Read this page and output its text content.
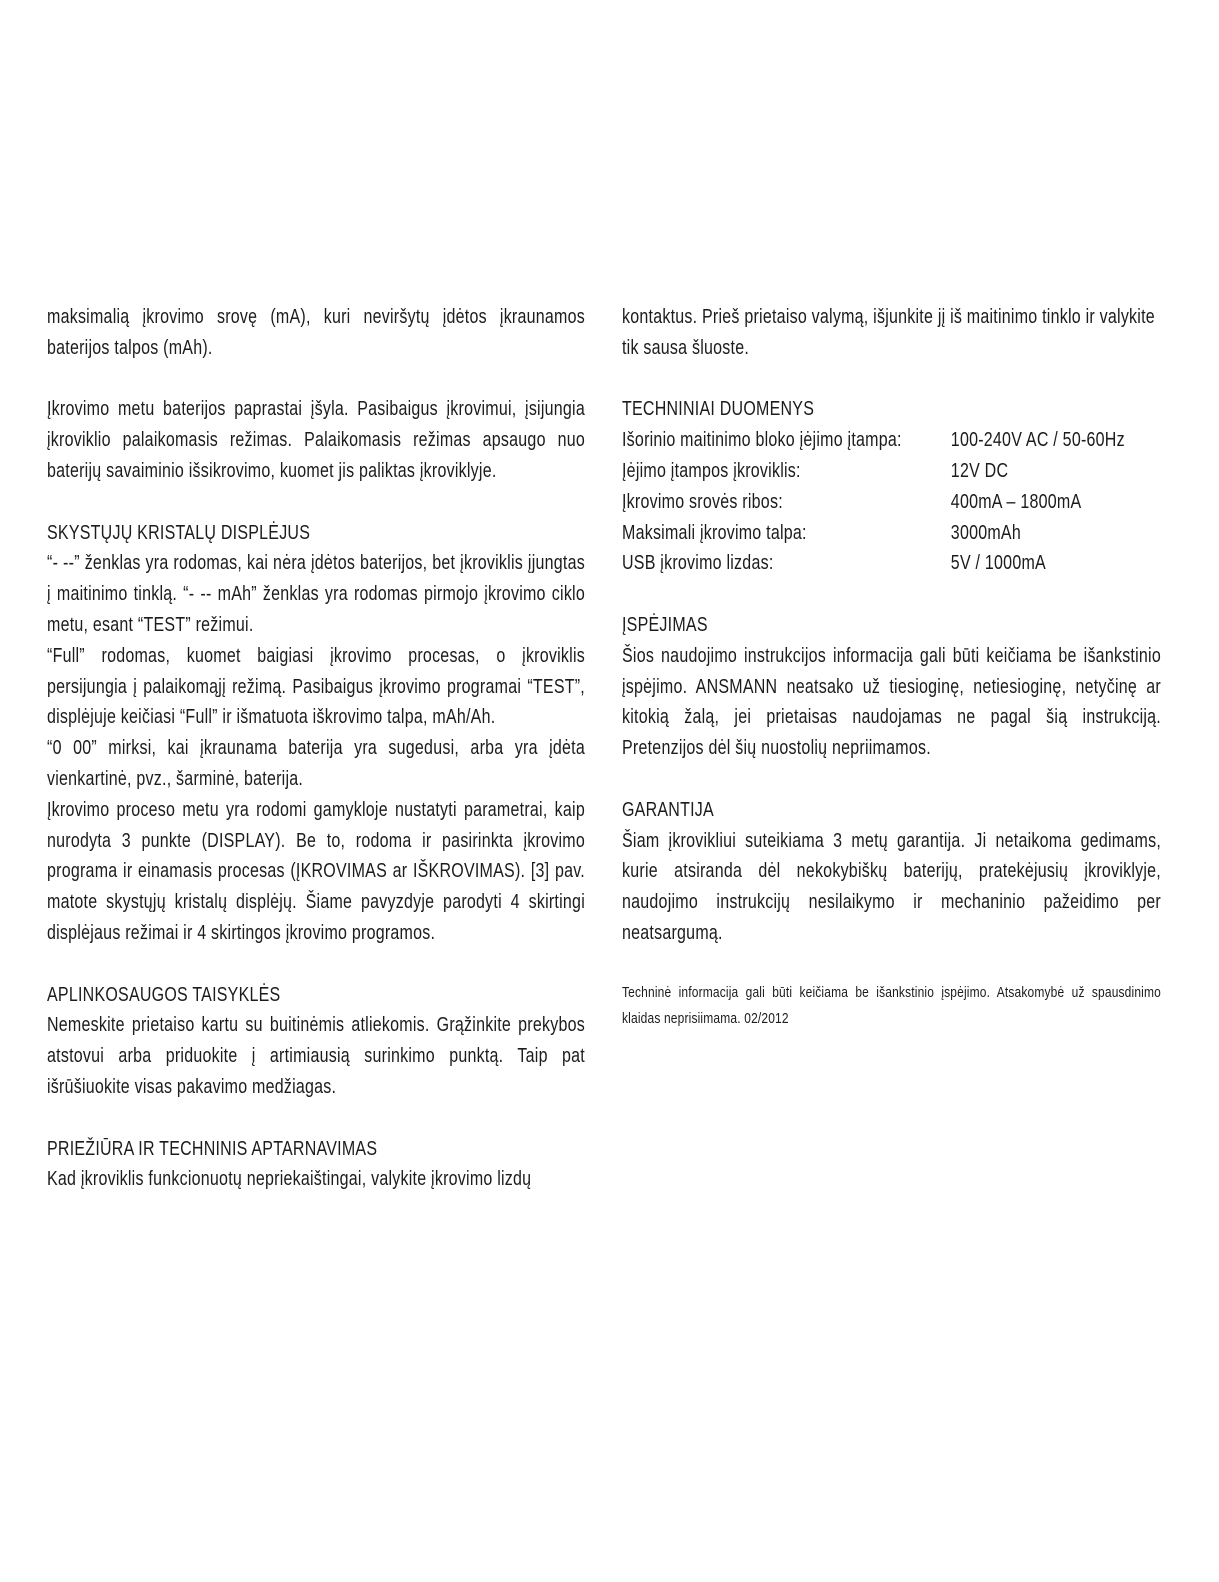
maksimalią įkrovimo srovę (mA), kuri neviršytų įdėtos įkraunamos baterijos talpos (mAh).

Įkrovimo metu baterijos paprastai įšyla. Pasibaigus įkrovimui, įsijungia įkroviklio palaikomasis režimas. Palaikomasis režimas apsaugo nuo baterijų savaiminio išsikrovimo, kuomet jis paliktas įkroviklyje.

SKYSTŲJŲ KRISTALŲ DISPLĖJUS

“- --” ženklas yra rodomas, kai nėra įdėtos baterijos, bet įkroviklis įjungtas į maitinimo tinklą. “- -- mAh” ženklas yra rodomas pirmojo įkrovimo ciklo metu, esant “TEST” režimui.

“Full” rodomas, kuomet baigiasi įkrovimo procesas, o įkroviklis persijungia į palaikomąjį režimą. Pasibaigus įkrovimo programai “TEST”, displėjuje keičiasi “Full” ir išmatuota iškrovimo talpa, mAh/Ah.

“0 00” mirksi, kai įkraunama baterija yra sugedusi, arba yra įdėta vienkartinė, pvz., šarminė, baterija.

Įkrovimo proceso metu yra rodomi gamykloje nustatyti parametrai, kaip nurodyta 3 punkte (DISPLAY). Be to, rodoma ir pasirinkta įkrovimo programa ir einamasis procesas (ĮKROVIMAS ar IŠKROVIMAS). [3] pav. matote skystųjų kristalų displėjų. Šiame pavyzdyje parodyti 4 skirtingi displėjaus režimai ir 4 skirtingos įkrovimo programos.

APLINKOSAUGOS TAISYKLĖS

Nemeskite prietaiso kartu su buitinėmis atliekomis. Grąžinkite prekybos atstovui arba priduokite į artimiausią surinkimo punktą. Taip pat išrūšiuokite visas pakavimo medžiagas.

PRIEŽIŪRA IR TECHNINIS APTARNAVIMAS

Kad įkroviklis funkcionuotų nepriekaištingai, valykite įkrovimo lizdų

kontaktus. Prieš prietaiso valymą, išjunkite jį iš maitinimo tinklo ir valykite tik sausa šluoste.

TECHNINIAI DUOMENYS
Išorinio maitinimo bloko įėjimo įtampa:	100-240V AC / 50-60Hz
Įėjimo įtampos įkroviklis:	12V DC
Įkrovimo srovės ribos:	400mA – 1800mA
Maksimali įkrovimo talpa:	3000mAh
USB įkrovimo lizdas:	5V / 1000mA
ĮSPĖJIMAS

Šios naudojimo instrukcijos informacija gali būti keičiama be išankstinio įspėjimo. ANSMANN neatsako už tiesioginę, netiesioginę, netyčinę ar kitokią žalą, jei prietaisas naudojamas ne pagal šią instrukciją. Pretenzijos dėl šių nuostolių nepriimamos.

GARANTIJA

Šiam įkrovikliui suteikiama 3 metų garantija. Ji netaikoma gedimams, kurie atsiranda dėl nekokybiškų baterijų, pratekėjusių įkroviklyje, naudojimo instrukcijų nesilaikymo ir mechaninio pažeidimo per neatsargumą.

Techninė informacija gali būti keičiama be išankstinio įspėjimo. Atsakomybė už spausdinimo klaidas neprisiimama. 02/2012
